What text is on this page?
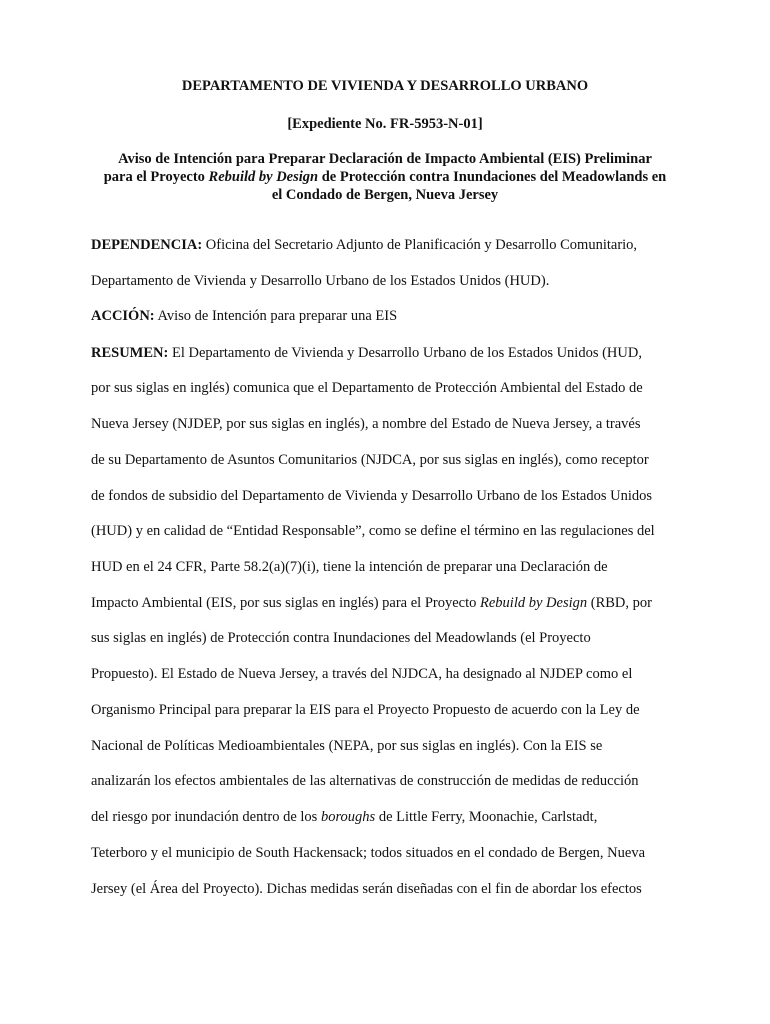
DEPARTAMENTO DE VIVIENDA Y DESARROLLO URBANO

[Expediente No. FR-5953-N-01]

Aviso de Intención para Preparar Declaración de Impacto Ambiental (EIS) Preliminar
para el Proyecto Rebuild by Design de Protección contra Inundaciones del Meadowlands en
el Condado de Bergen, Nueva Jersey

DEPENDENCIA: Oficina del Secretario Adjunto de Planificación y Desarrollo Comunitario,

Departamento de Vivienda y Desarrollo Urbano de los Estados Unidos (HUD).

ACCIÓN: Aviso de Intención para preparar una EIS

RESUMEN: El Departamento de Vivienda y Desarrollo Urbano de los Estados Unidos (HUD,

por sus siglas en inglés) comunica que el Departamento de Protección Ambiental del Estado de

Nueva Jersey (NJDEP, por sus siglas en inglés), a nombre del Estado de Nueva Jersey, a través

de su Departamento de Asuntos Comunitarios (NJDCA, por sus siglas en inglés), como receptor

de fondos de subsidio del Departamento de Vivienda y Desarrollo Urbano de los Estados Unidos

(HUD) y en calidad de “Entidad Responsable”, como se define el término en las regulaciones del

HUD en el 24 CFR, Parte 58.2(a)(7)(i), tiene la intención de preparar una Declaración de

Impacto Ambiental (EIS, por sus siglas en inglés) para el Proyecto Rebuild by Design (RBD, por

sus siglas en inglés) de Protección contra Inundaciones del Meadowlands (el Proyecto

Propuesto). El Estado de Nueva Jersey, a través del NJDCA, ha designado al NJDEP como el

Organismo Principal para preparar la EIS para el Proyecto Propuesto de acuerdo con la Ley de

Nacional de Políticas Medioambientales (NEPA, por sus siglas en inglés). Con la EIS se

analizarán los efectos ambientales de las alternativas de construcción de medidas de reducción

del riesgo por inundación dentro de los boroughs de Little Ferry, Moonachie, Carlstadt,

Teterboro y el municipio de South Hackensack; todos situados en el condado de Bergen, Nueva

Jersey (el Área del Proyecto). Dichas medidas serán diseñadas con el fin de abordar los efectos
